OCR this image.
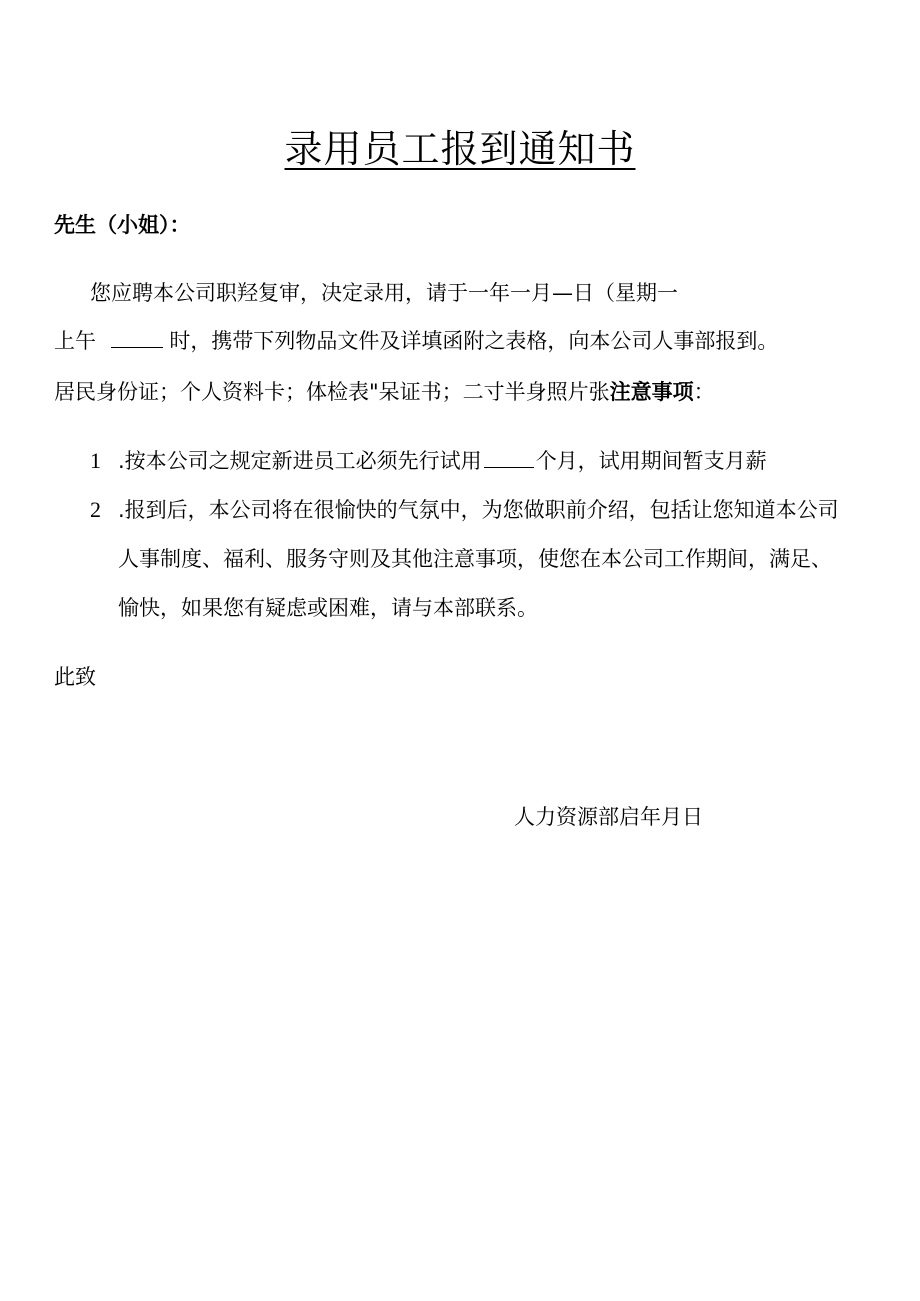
录用员工报到通知书
先生（小姐）：
您应聘本公司职羟复审，决定录用，请于一年一月—日（星期一
上午	时，携带下列物品文件及详填函附之表格，向本公司人事部报到。
居民身份证；个人资料卡；体检表"呆证书；二寸半身照片张注意事项：
1 .按本公司之规定新进员工必须先行试用	个月，试用期间暂支月薪
2 .报到后，本公司将在很愉快的气氛中，为您做职前介绍，包括让您知道本公司
人事制度、福利、服务守则及其他注意事项，使您在本公司工作期间，满足、
愉快，如果您有疑虑或困难，请与本部联系。
此致
人力资源部启年月日
